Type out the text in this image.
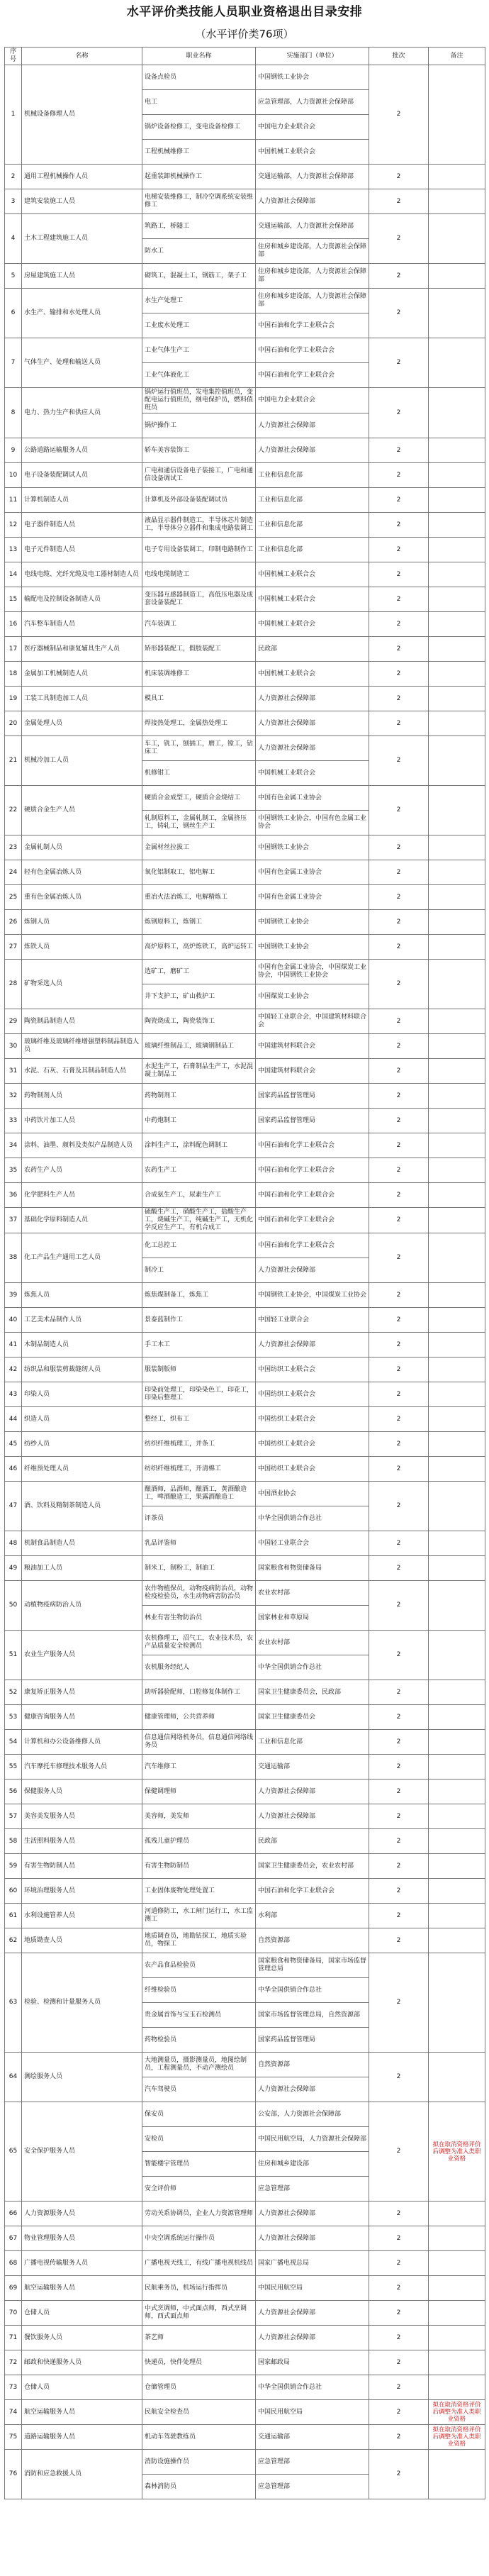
水平评价类技能人员职业资格退出目录安排
（水平评价类76项）
序号	名称	职业名称	实施部门（单位）	批次	备注
1	机械设备修理人员	设备点检员	中国钢铁工业协会	2	
		电工	应急管理部，人力资源社会保障部		
		锅炉设备检修工，变电设备检修工	中国电力企业联合会		
		工程机械维修工	中国机械工业联合会		
2	通用工程机械操作人员	起重装卸机械操作工	交通运输部，人力资源社会保障部	2	
3	建筑安装施工人员	电梯安装维修工，制冷空调系统安装维修工	人力资源社会保障部	2	
4	土木工程建筑施工人员	筑路工，桥隧工	交通运输部，人力资源社会保障部	2	
		防水工	住房和城乡建设部，人力资源社会保障部		
5	房屋建筑施工人员	砌筑工，混凝土工，钢筋工，架子工	住房和城乡建设部，人力资源社会保障部	2	
6	水生产、输排和水处理人员	水生产处理工	住房和城乡建设部，人力资源社会保障部	2	
		工业废水处理工	中国石油和化学工业联合会		
7	气体生产、处理和输送人员	工业气体生产工	中国石油和化学工业联合会	2	
		工业气体液化工	中国石油和化学工业联合会		
8	电力、热力生产和供应人员	锅炉运行值班员，发电集控值班员，变配电运行值班员，继电保护员，燃料值班员	中国电力企业联合会	2	
		锅炉操作工	人力资源社会保障部		
9	公路道路运输服务人员	轿车美容装饰工	人力资源社会保障部	2	
10	电子设备装配调试人员	广电和通信设备电子装接工，广电和通信设备调试工	工业和信息化部	2	
11	计算机制造人员	计算机及外部设备装配调试员	工业和信息化部	2	
12	电子器件制造人员	液晶显示器件制造工，半导体芯片制造工，半导体分立器件和集成电路装调工	工业和信息化部	2	
13	电子元件制造人员	电子专用设备装调工，印制电路制作工	工业和信息化部	2	
14	电线电缆、光纤光缆及电工器材制造人员	电线电缆制造工	中国机械工业联合会	2	
15	输配电及控制设备制造人员	变压器互感器制造工，高低压电器及成套设备装配工	中国机械工业联合会	2	
16	汽车整车制造人员	汽车装调工	中国机械工业联合会	2	
17	医疗器械制品和康复辅具生产人员	矫形器装配工，假肢装配工	民政部	2	
18	金属加工机械制造人员	机床装调维修工	中国机械工业联合会	2	
19	工装工具制造加工人员	模具工	人力资源社会保障部	2	
20	金属处理人员	焊接热处理工，金属热处理工	人力资源社会保障部	2	
21	机械冷加工人员	车工，铣工，刨插工，磨工，镗工，钻床工	人力资源社会保障部	2	
		机修钳工	中国机械工业联合会		
22	硬质合金生产人员	硬质合金成型工，硬质合金烧结工	中国有色金属工业协会	2	
		轧制原料工，金属轧制工，金属挤压工，铸轧工，钢丝生产工	中国钢铁工业协会，中国有色金属工业协会		
23	金属轧制人员	金属材丝拉拔工	中国钢铁工业协会	2	
24	轻有色金属冶炼人员	氧化铝制取工，铝电解工	中国有色金属工业协会	2	
25	重有色金属冶炼人员	重冶火法冶炼工，电解精炼工	中国有色金属工业协会	2	
26	炼钢人员	炼钢原料工，炼钢工	中国钢铁工业协会	2	
27	炼铁人员	高炉原料工，高炉炼铁工，高炉运转工	中国钢铁工业协会	2	
28	矿物采选人员	选矿工，磨矿工	中国有色金属工业协会，中国煤炭工业协会，中国钢铁工业协会	2	
		井下支护工，矿山救护工	中国煤炭工业协会		
29	陶瓷制品制造人员	陶瓷烧成工，陶瓷装饰工	中国轻工业联合会，中国建筑材料联合会	2	
30	玻璃纤维及玻璃纤维增强塑料制品制造人员	玻璃纤维制品工，玻璃钢制品工	中国建筑材料联合会	2	
31	水泥、石灰、石膏及其制品制造人员	水泥生产工，石膏制品生产工，水泥混凝土制品工	中国建筑材料联合会	2	
32	药物制剂人员	药物制剂工	国家药品监督管理局	2	
33	中药饮片加工人员	中药炮制工	国家药品监督管理局	2	
34	涂料、油墨、颜料及类似产品制造人员	涂料生产工，涂料配色调制工	中国石油和化学工业联合会	2	
35	农药生产人员	农药生产工	中国石油和化学工业联合会	2	
36	化学肥料生产人员	合成氨生产工，尿素生产工	中国石油和化学工业联合会	2	
37	基础化学原料制造人员	硫酸生产工，硝酸生产工，盐酸生产工，烧碱生产工，纯碱生产工，无机化学反应生产工，有机合成工	中国石油和化学工业联合会	2	
38	化工产品生产通用工艺人员	化工总控工	中国石油和化学工业联合会	2	
		制冷工	人力资源社会保障部		
39	炼焦人员	炼焦煤制备工，炼焦工	中国钢铁工业协会，中国煤炭工业协会	2	
40	工艺美术品制作人员	景泰蓝制作工	中国轻工业联合会	2	
41	木制品制造人员	手工木工	人力资源社会保障部	2	
42	纺织品和服装剪裁缝纫人员	服装制版师	中国纺织工业联合会	2	
43	印染人员	印染前处理工，印染染色工，印花工，印染后整理工	中国纺织工业联合会	2	
44	织造人员	整经工，织布工	中国纺织工业联合会	2	
45	纺纱人员	纺织纤维梳理工，并条工	中国纺织工业联合会	2	
46	纤维预处理人员	纺织纤维梳理工，开清棉工	中国纺织工业联合会	2	
47	酒、饮料及精制茶制造人员	酿酒师，品酒师，酿酒工，黄酒酿造工，啤酒酿造工，果露酒酿造工	中国酒业协会	2	
		评茶员	中华全国供销合作总社		
48	机制食品制造人员	乳品评鉴师	中国轻工业联合会	2	
49	粮油加工人员	制米工，制粉工，制油工	国家粮食和物资储备局	2	
50	动植物疫病防治人员	农作物植保员，动物疫病防治员，动物检疫检验员，水生动物病害防治员	农业农村部	2	
		林业有害生物防治员	国家林业和草原局		
51	农业生产服务人员	农机修理工，沼气工，农业技术员，农产品质量安全检测员	农业农村部	2	
		农机服务经纪人	中华全国供销合作总社		
52	康复矫正服务人员	助听器验配师，口腔修复体制作工	国家卫生健康委员会，民政部	2	
53	健康咨询服务人员	健康管理师，公共营养师	国家卫生健康委员会	2	
54	计算机和办公设备维修人员	信息通信网络机务员，信息通信网络线务员	工业和信息化部	2	
55	汽车摩托车修理技术服务人员	汽车维修工	交通运输部	2	
56	保健服务人员	保健调理师	人力资源社会保障部	2	
57	美容美发服务人员	美容师，美发师	人力资源社会保障部	2	
58	生活照料服务人员	孤残儿童护理员	民政部	2	
59	有害生物防制人员	有害生物防制员	国家卫生健康委员会，农业农村部	2	
60	环境治理服务人员	工业固体废物处理处置工	中国石油和化学工业联合会	2	
61	水利设施管养人员	河道修防工，水工闸门运行工，水工监测工	水利部	2	
62	地质勘查人员	地质调查员，地勘钻探工，地质实验员，物探工	自然资源部	2	
63	检验、检测和计量服务人员	农产品食品检验员	国家粮食和物资储备局，国家市场监督管理总局	2	
		纤维检验员	中华全国供销合作总社		
		贵金属首饰与宝玉石检测员	国家市场监督管理总局，自然资源部		
		药物检验员	国家药品监督管理局		
64	测绘服务人员	大地测量员，摄影测量员，地图绘制员，工程测量员，不动产测绘员	自然资源部	2	
		汽车驾驶员	人力资源社会保障部		
65	安全保护服务人员	保安员	公安部，人力资源社会保障部	2	拟在取消资格评价后调整为准入类职业资格
		安检员	中国民用航空局，人力资源社会保障部		
		智能楼宇管理员	住房和城乡建设部		
		安全评价师	应急管理部		
66	人力资源服务人员	劳动关系协调员，企业人力资源管理师	人力资源社会保障部	2	
67	物业管理服务人员	中央空调系统运行操作员	人力资源社会保障部	2	
68	广播电视传输服务人员	广播电视天线工，有线广播电视机线员	国家广播电视总局	2	
69	航空运输服务人员	民航乘务员，机场运行指挥员	中国民用航空局	2	
70	仓储人员	中式烹调师，中式面点师，西式烹调师，西式面点师	人力资源社会保障部	2	
71	餐饮服务人员	茶艺师	人力资源社会保障部	2	
72	邮政和快递服务人员	快递员，快件处理员	国家邮政局	2	
73	仓储人员	仓储管理员	中华全国供销合作总社	2	
74	航空运输服务人员	民航安全检查员	中国民用航空局	2	拟在取消资格评价后调整为准入类职业资格
75	道路运输服务人员	机动车驾驶教练员	交通运输部	2	拟在取消资格评价后调整为准入类职业资格
76	消防和应急救援人员	消防设施操作员	应急管理部	2	
		森林消防员	应急管理部		
